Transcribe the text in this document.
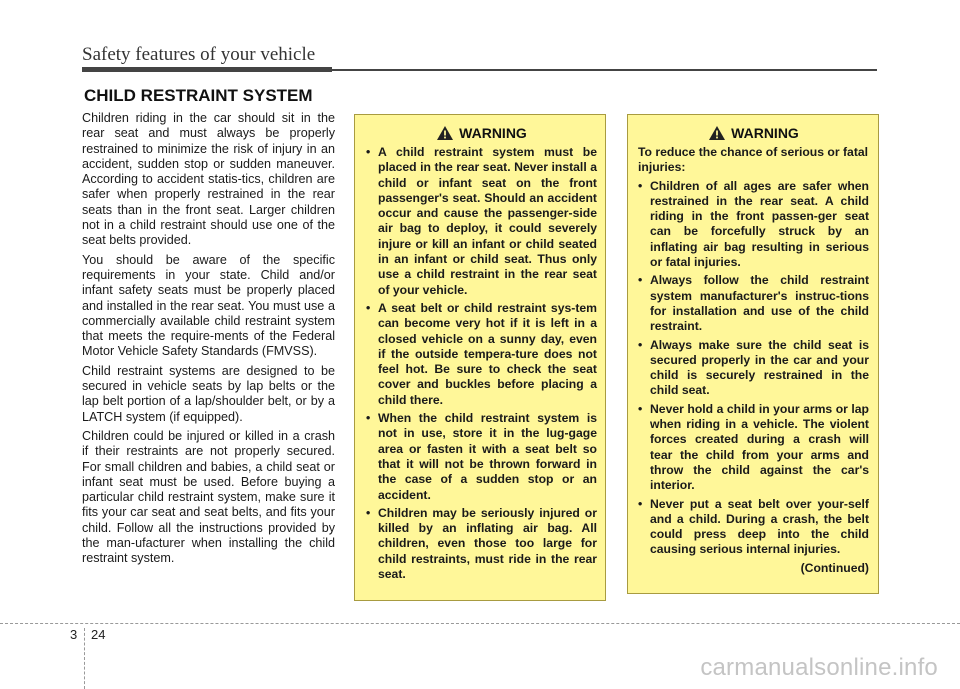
Safety features of your vehicle
CHILD RESTRAINT SYSTEM

Children riding in the car should sit in the rear seat and must always be properly restrained to minimize the risk of injury in an accident, sudden stop or sudden maneuver. According to accident statis-tics, children are safer when properly restrained in the rear seats than in the front seat. Larger children not in a child restraint should use one of the seat belts provided.

You should be aware of the specific requirements in your state. Child and/or infant safety seats must be properly placed and installed in the rear seat. You must use a commercially available child restraint system that meets the require-ments of the Federal Motor Vehicle Safety Standards (FMVSS).

Child restraint systems are designed to be secured in vehicle seats by lap belts or the lap belt portion of a lap/shoulder belt, or by a LATCH system (if equipped).

Children could be injured or killed in a crash if their restraints are not properly secured. For small children and babies, a child seat or infant seat must be used. Before buying a particular child restraint system, make sure it fits your car seat and seat belts, and fits your child. Follow all the instructions provided by the man-ufacturer when installing the child restraint system.

WARNING
• A child restraint system must be placed in the rear seat. Never install a child or infant seat on the front passenger's seat. Should an accident occur and cause the passenger-side air bag to deploy, it could severely injure or kill an infant or child seated in an infant or child seat. Thus only use a child restraint in the rear seat of your vehicle.
• A seat belt or child restraint sys-tem can become very hot if it is left in a closed vehicle on a sunny day, even if the outside tempera-ture does not feel hot. Be sure to check the seat cover and buckles before placing a child there.
• When the child restraint system is not in use, store it in the lug-gage area or fasten it with a seat belt so that it will not be thrown forward in the case of a sudden stop or an accident.
• Children may be seriously injured or killed by an inflating air bag. All children, even those too large for child restraints, must ride in the rear seat.
WARNING

To reduce the chance of serious or fatal injuries:

• Children of all ages are safer when restrained in the rear seat. A child riding in the front passen-ger seat can be forcefully struck by an inflating air bag resulting in serious or fatal injuries.
• Always follow the child restraint system manufacturer's instruc-tions for installation and use of the child restraint.
• Always make sure the child seat is secured properly in the car and your child is securely restrained in the child seat.
• Never hold a child in your arms or lap when riding in a vehicle. The violent forces created during a crash will tear the child from your arms and throw the child against the car's interior.
• Never put a seat belt over your-self and a child. During a crash, the belt could press deep into the child causing serious internal injuries.
(Continued)
3 24
carmanualsonline.info
